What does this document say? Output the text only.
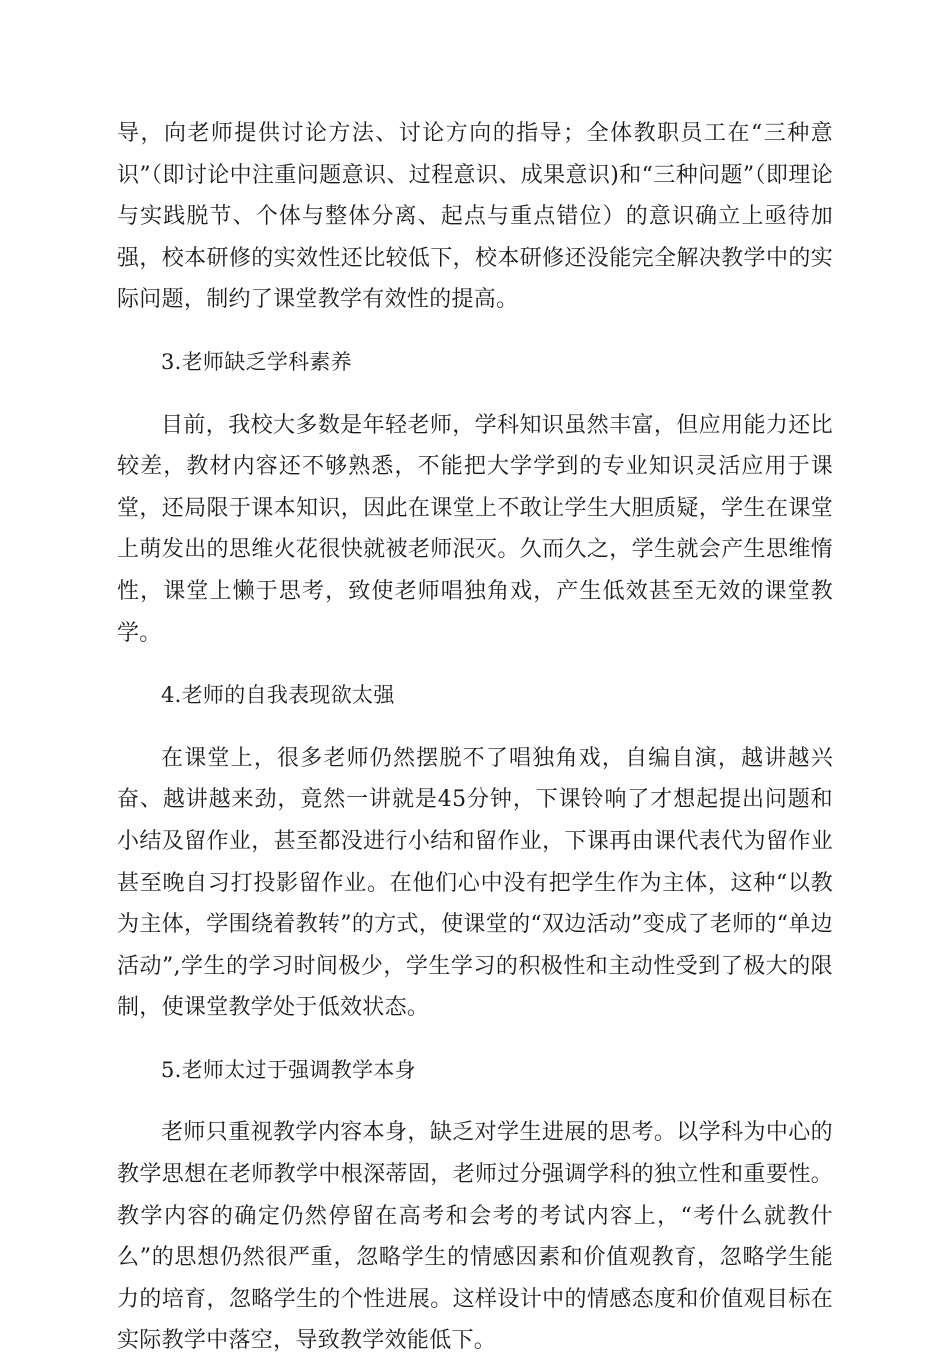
导，向老师提供讨论方法、讨论方向的指导；全体教职员工在“三种意识”（即讨论中注重问题意识、过程意识、成果意识)和“三种问题”（即理论与实践脱节、个体与整体分离、起点与重点错位）的意识确立上亟待加强，校本研修的实效性还比较低下，校本研修还没能完全解决教学中的实际问题，制约了课堂教学有效性的提高。

3.老师缺乏学科素养

目前，我校大多数是年轻老师，学科知识虽然丰富，但应用能力还比较差，教材内容还不够熟悉，不能把大学学到的专业知识灵活应用于课堂，还局限于课本知识，因此在课堂上不敢让学生大胆质疑，学生在课堂上萌发出的思维火花很快就被老师泯灭。久而久之，学生就会产生思维惰性，课堂上懒于思考，致使老师唱独角戏，产生低效甚至无效的课堂教学。

4.老师的自我表现欲太强

在课堂上，很多老师仍然摆脱不了唱独角戏，自编自演，越讲越兴奋、越讲越来劲，竟然一讲就是45分钟，下课铃响了才想起提出问题和小结及留作业，甚至都没进行小结和留作业，下课再由课代表代为留作业甚至晚自习打投影留作业。在他们心中没有把学生作为主体，这种“以教为主体，学围绕着教转”的方式，使课堂的“双边活动”变成了老师的“单边活动”,学生的学习时间极少，学生学习的积极性和主动性受到了极大的限制，使课堂教学处于低效状态。

5.老师太过于强调教学本身

老师只重视教学内容本身，缺乏对学生进展的思考。以学科为中心的教学思想在老师教学中根深蒂固，老师过分强调学科的独立性和重要性。教学内容的确定仍然停留在高考和会考的考试内容上，“考什么就教什么”的思想仍然很严重，忽略学生的情感因素和价值观教育，忽略学生能力的培育，忽略学生的个性进展。这样设计中的情感态度和价值观目标在实际教学中落空，导致教学效能低下。
